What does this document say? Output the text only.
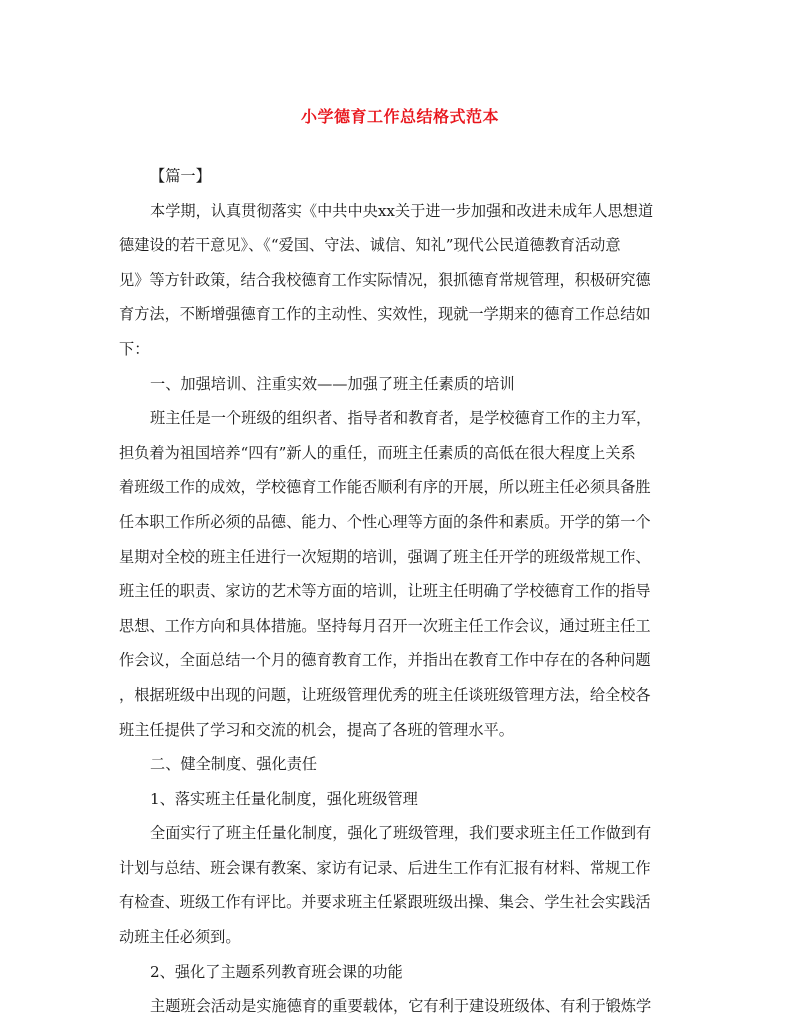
小学德育工作总结格式范本
【篇一】
本学期，认真贯彻落实《中共中央xx关于进一步加强和改进未成年人思想道
德建设的若干意见》、《“爱国、守法、诚信、知礼”现代公民道德教育活动意
见》等方针政策，结合我校德育工作实际情况，狠抓德育常规管理，积极研究德
育方法，不断增强德育工作的主动性、实效性，现就一学期来的德育工作总结如
下：
一、加强培训、注重实效——加强了班主任素质的培训
班主任是一个班级的组织者、指导者和教育者，是学校德育工作的主力军，
担负着为祖国培养“四有”新人的重任，而班主任素质的高低在很大程度上关系
着班级工作的成效，学校德育工作能否顺利有序的开展，所以班主任必须具备胜
任本职工作所必须的品德、能力、个性心理等方面的条件和素质。开学的第一个
星期对全校的班主任进行一次短期的培训，强调了班主任开学的班级常规工作、
班主任的职责、家访的艺术等方面的培训，让班主任明确了学校德育工作的指导
思想、工作方向和具体措施。坚持每月召开一次班主任工作会议，通过班主任工
作会议，全面总结一个月的德育教育工作，并指出在教育工作中存在的各种问题
，根据班级中出现的问题，让班级管理优秀的班主任谈班级管理方法，给全校各
班主任提供了学习和交流的机会，提高了各班的管理水平。
二、健全制度、强化责任
1、落实班主任量化制度，强化班级管理
全面实行了班主任量化制度，强化了班级管理，我们要求班主任工作做到有
计划与总结、班会课有教案、家访有记录、后进生工作有汇报有材料、常规工作
有检查、班级工作有评比。并要求班主任紧跟班级出操、集会、学生社会实践活
动班主任必须到。
2、强化了主题系列教育班会课的功能
主题班会活动是实施德育的重要载体，它有利于建设班级体、有利于锻炼学
